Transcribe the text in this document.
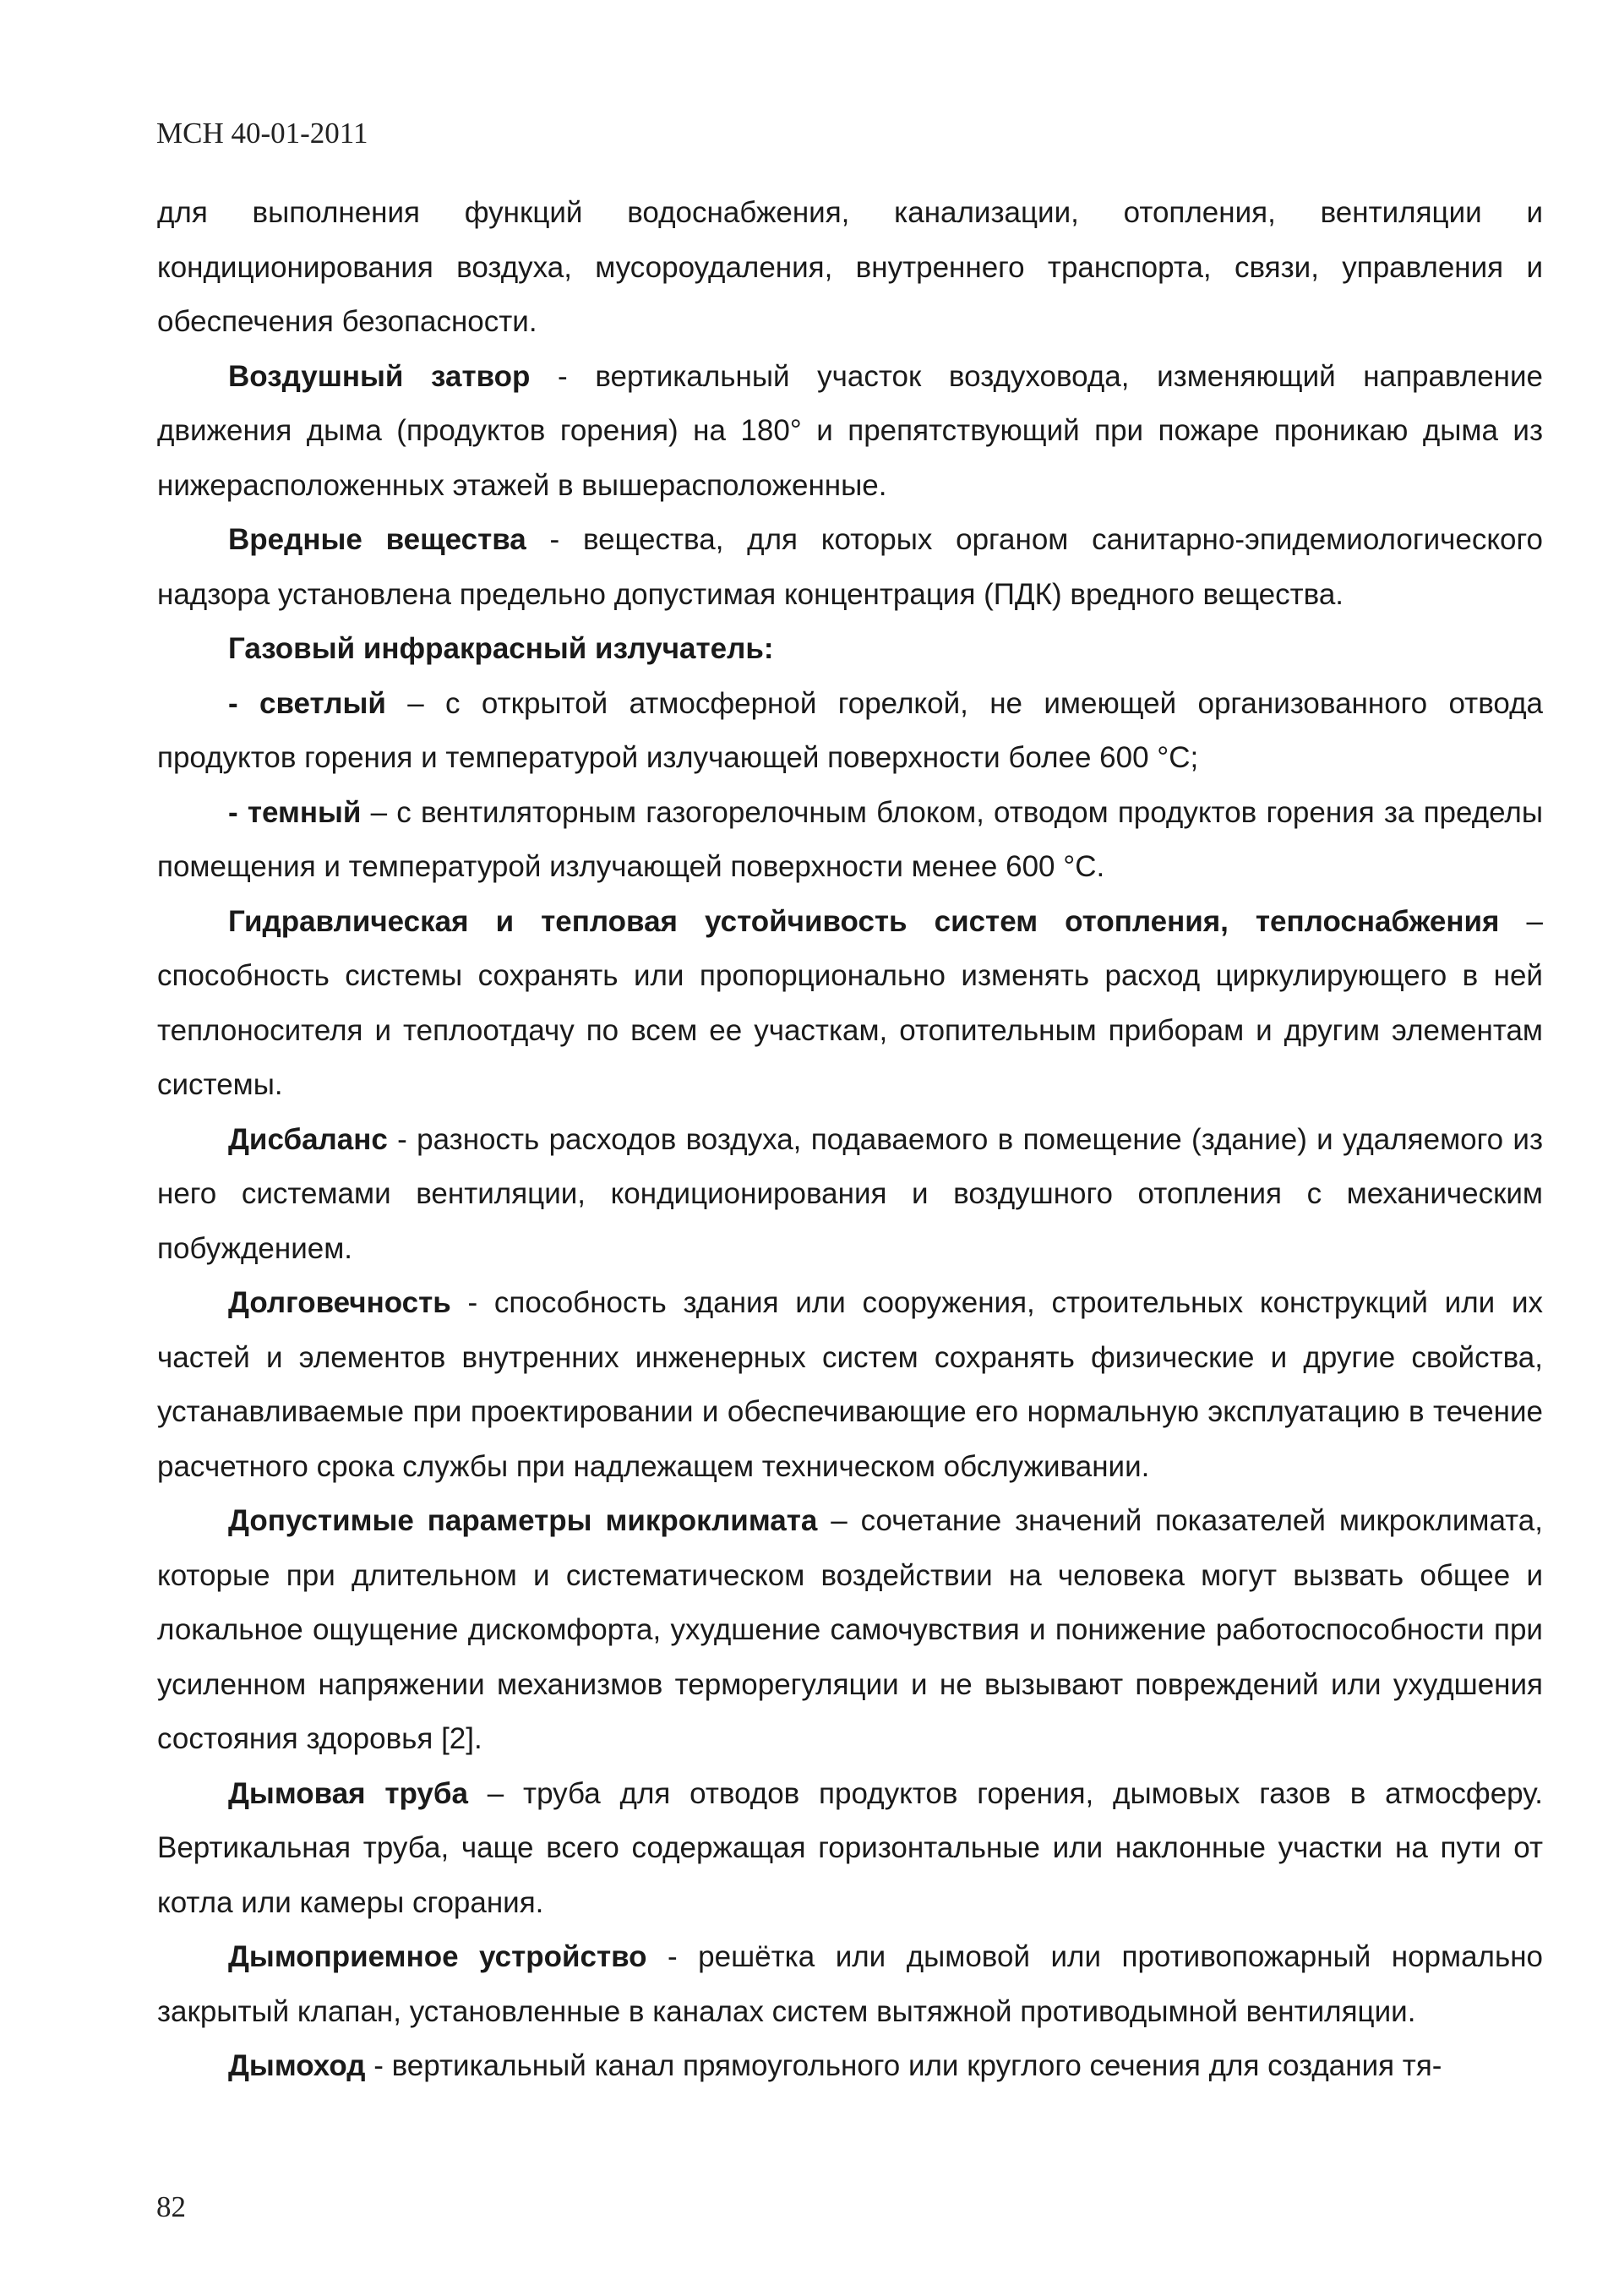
МСН 40-01-2011

для выполнения функций водоснабжения, канализации, отопления, вентиляции и кондиционирования воздуха, мусороудаления, внутреннего транспорта, связи, управления и обеспечения безопасности.

Воздушный затвор - вертикальный участок воздуховода, изменяющий направление движения дыма (продуктов горения) на 180° и препятствующий при пожаре проникаю дыма из нижерасположенных этажей в вышерасположенные.

Вредные вещества - вещества, для которых органом санитарно-эпидемиологического надзора установлена предельно допустимая концентрация (ПДК) вредного вещества.

Газовый инфракрасный излучатель:

- светлый – с открытой атмосферной горелкой, не имеющей организованного отвода продуктов горения и температурой излучающей поверхности более 600 °С;

- темный – с вентиляторным газогорелочным блоком, отводом продуктов горения за пределы помещения и температурой излучающей поверхности менее 600 °С.

Гидравлическая и тепловая устойчивость систем отопления, теплоснабжения – способность системы сохранять или пропорционально изменять расход циркулирующего в ней теплоносителя и теплоотдачу по всем ее участкам, отопительным приборам и другим элементам системы.

Дисбаланс - разность расходов воздуха, подаваемого в помещение (здание) и удаляемого из него системами вентиляции, кондиционирования и воздушного отопления с механическим побуждением.

Долговечность - способность здания или сооружения, строительных конструкций или их частей и элементов внутренних инженерных систем сохранять физические и другие свойства, устанавливаемые при проектировании и обеспечивающие его нормальную эксплуатацию в течение расчетного срока службы при надлежащем техническом обслуживании.

Допустимые параметры микроклимата – сочетание значений показателей микроклимата, которые при длительном и систематическом воздействии на человека могут вызвать общее и локальное ощущение дискомфорта, ухудшение самочувствия и понижение работоспособности при усиленном напряжении механизмов терморегуляции и не вызывают повреждений или ухудшения состояния здоровья [2].

Дымовая труба – труба для отводов продуктов горения, дымовых газов в атмосферу. Вертикальная труба, чаще всего содержащая горизонтальные или наклонные участки на пути от котла или камеры сгорания.

Дымоприемное устройство - решётка или дымовой или противопожарный нормально закрытый клапан, установленные в каналах систем вытяжной противодымной вентиляции.

Дымоход - вертикальный канал прямоугольного или круглого сечения для создания тя-

82
